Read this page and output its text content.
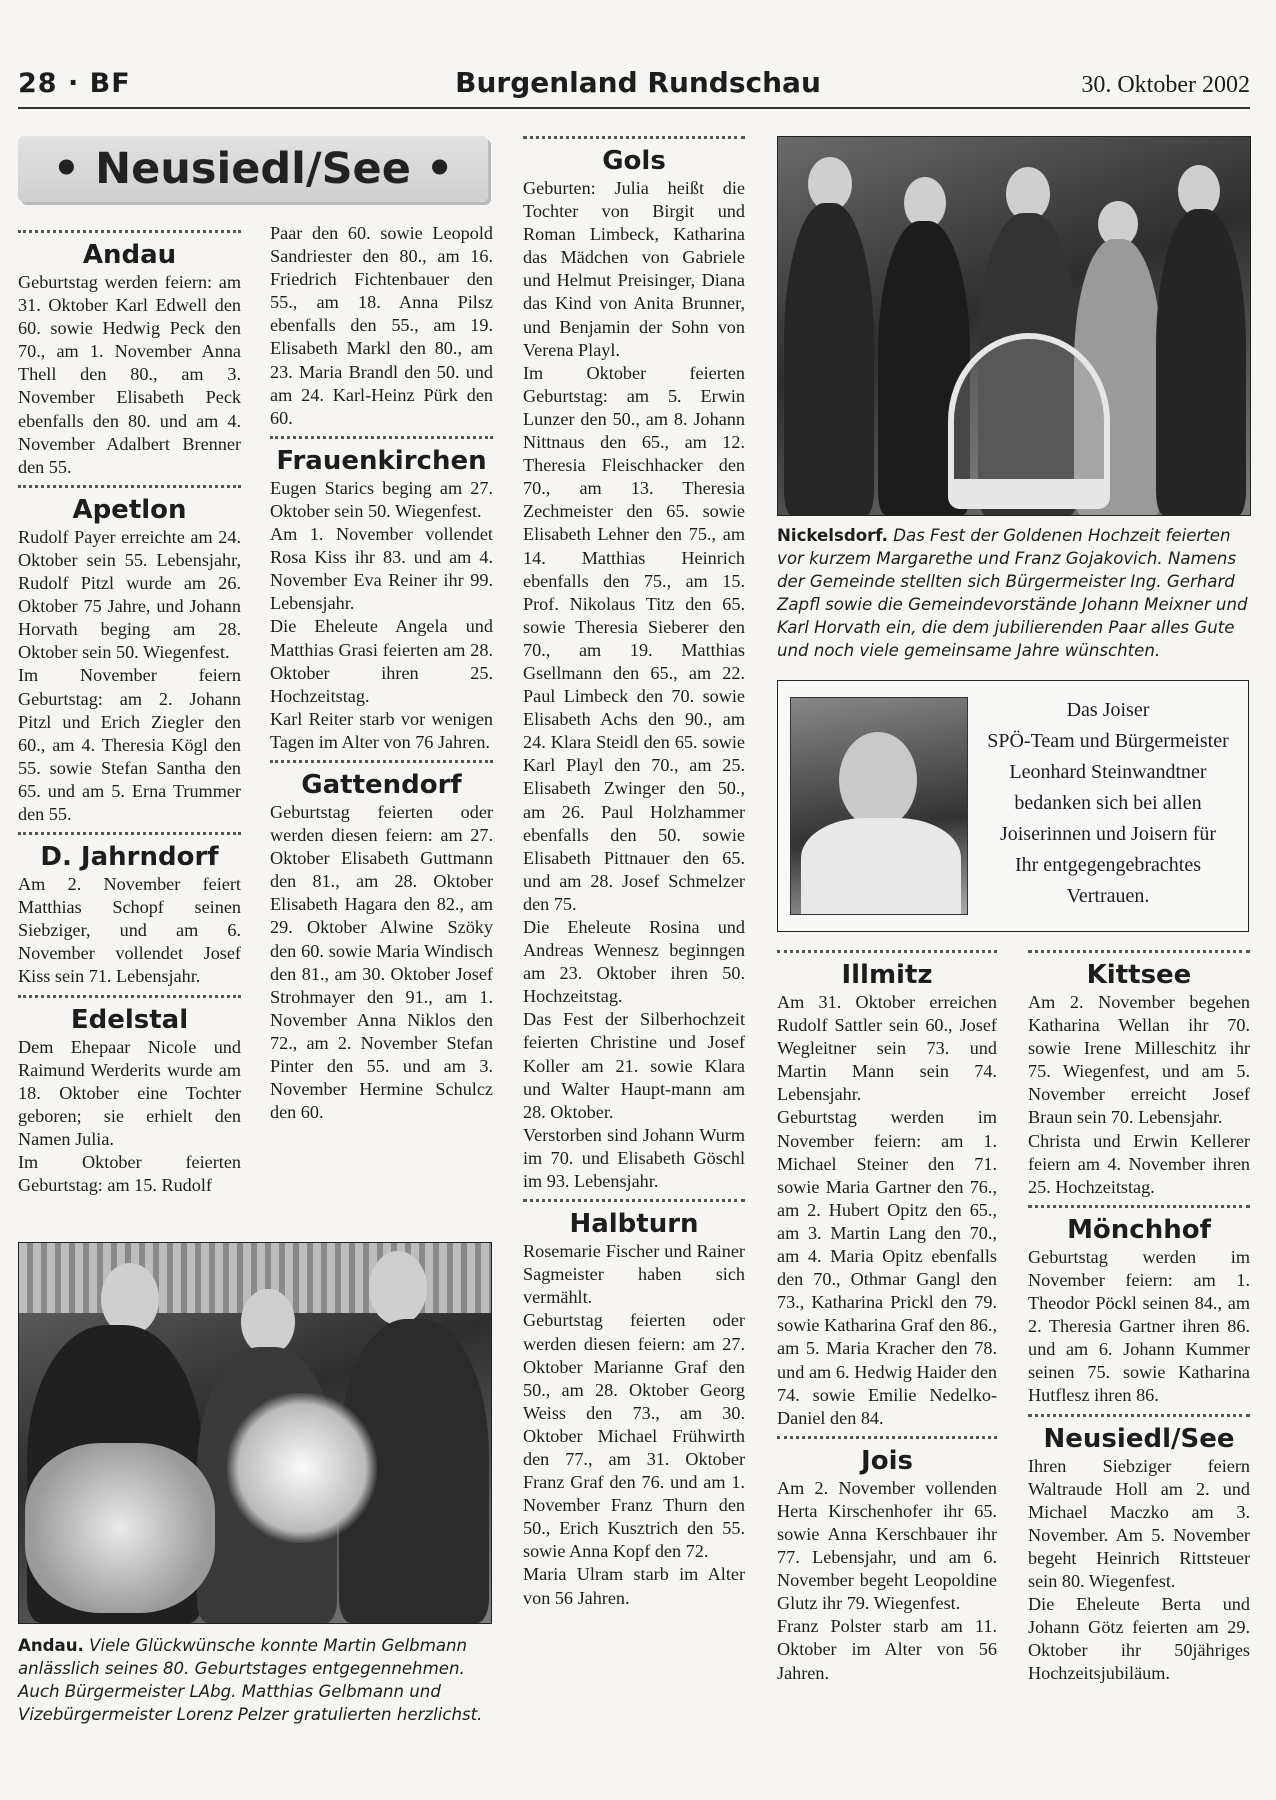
28 · BF	Burgenland Rundschau	30. Oktober 2002
• Neusiedl/See •
Andau

Geburtstag werden feiern: am 31. Oktober Karl Edwell den 60. sowie Hedwig Peck den 70., am 1. November Anna Thell den 80., am 3. November Elisabeth Peck ebenfalls den 80. und am 4. November Adalbert Brenner den 55.

Apetlon

Rudolf Payer erreichte am 24. Oktober sein 55. Lebensjahr, Rudolf Pitzl wurde am 26. Oktober 75 Jahre, und Johann Horvath beging am 28. Oktober sein 50. Wiegenfest.

Im November feiern Geburtstag: am 2. Johann Pitzl und Erich Ziegler den 60., am 4. Theresia Kögl den 55. sowie Stefan Santha den 65. und am 5. Erna Trummer den 55.

D. Jahrndorf

Am 2. November feiert Matthias Schopf seinen Siebziger, und am 6. November vollendet Josef Kiss sein 71. Lebensjahr.

Edelstal

Dem Ehepaar Nicole und Raimund Werderits wurde am 18. Oktober eine Tochter geboren; sie erhielt den Namen Julia.

Im Oktober feierten Geburtstag: am 15. Rudolf

Paar den 60. sowie Leopold Sandriester den 80., am 16. Friedrich Fichtenbauer den 55., am 18. Anna Pilsz ebenfalls den 55., am 19. Elisabeth Markl den 80., am 23. Maria Brandl den 50. und am 24. Karl-Heinz Pürk den 60.

Frauenkirchen

Eugen Starics beging am 27. Oktober sein 50. Wiegenfest.

Am 1. November vollendet Rosa Kiss ihr 83. und am 4. November Eva Reiner ihr 99. Lebensjahr.

Die Eheleute Angela und Matthias Grasi feierten am 28. Oktober ihren 25. Hochzeitstag.

Karl Reiter starb vor wenigen Tagen im Alter von 76 Jahren.

Gattendorf

Geburtstag feierten oder werden diesen feiern: am 27. Oktober Elisabeth Guttmann den 81., am 28. Oktober Elisabeth Hagara den 82., am 29. Oktober Alwine Szöky den 60. sowie Maria Windisch den 81., am 30. Oktober Josef Strohmayer den 91., am 1. November Anna Niklos den 72., am 2. November Stefan Pinter den 55. und am 3. November Hermine Schulcz den 60.

Gols

Geburten: Julia heißt die Tochter von Birgit und Roman Limbeck, Katharina das Mädchen von Gabriele und Helmut Preisinger, Diana das Kind von Anita Brunner, und Benjamin der Sohn von Verena Playl.

Im Oktober feierten Geburtstag: am 5. Erwin Lunzer den 50., am 8. Johann Nittnaus den 65., am 12. Theresia Fleischhacker den 70., am 13. Theresia Zechmeister den 65. sowie Elisabeth Lehner den 75., am 14. Matthias Heinrich ebenfalls den 75., am 15. Prof. Nikolaus Titz den 65. sowie Theresia Sieberer den 70., am 19. Matthias Gsellmann den 65., am 22. Paul Limbeck den 70. sowie Elisabeth Achs den 90., am 24. Klara Steidl den 65. sowie Karl Playl den 70., am 25. Elisabeth Zwinger den 50., am 26. Paul Holzhammer ebenfalls den 50. sowie Elisabeth Pittnauer den 65. und am 28. Josef Schmelzer den 75.

Die Eheleute Rosina und Andreas Wennesz beginngen am 23. Oktober ihren 50. Hochzeitstag.

Das Fest der Silberhochzeit feierten Christine und Josef Koller am 21. sowie Klara und Walter Haupt-mann am 28. Oktober.

Verstorben sind Johann Wurm im 70. und Elisabeth Göschl im 93. Lebensjahr.

Halbturn

Rosemarie Fischer und Rainer Sagmeister haben sich vermählt.

Geburtstag feierten oder werden diesen feiern: am 27. Oktober Marianne Graf den 50., am 28. Oktober Georg Weiss den 73., am 30. Oktober Michael Frühwirth den 77., am 31. Oktober Franz Graf den 76. und am 1. November Franz Thurn den 50., Erich Kusztrich den 55. sowie Anna Kopf den 72.

Maria Ulram starb im Alter von 56 Jahren.

Illmitz

Am 31. Oktober erreichen Rudolf Sattler sein 60., Josef Wegleitner sein 73. und Martin Mann sein 74. Lebensjahr.

Geburtstag werden im November feiern: am 1. Michael Steiner den 71. sowie Maria Gartner den 76., am 2. Hubert Opitz den 65., am 3. Martin Lang den 70., am 4. Maria Opitz ebenfalls den 70., Othmar Gangl den 73., Katharina Prickl den 79. sowie Katharina Graf den 86., am 5. Maria Kracher den 78. und am 6. Hedwig Haider den 74. sowie Emilie Nedelko-Daniel den 84.

Jois

Am 2. November vollenden Herta Kirschenhofer ihr 65. sowie Anna Kerschbauer ihr 77. Lebensjahr, und am 6. November begeht Leopoldine Glutz ihr 79. Wiegenfest.

Franz Polster starb am 11. Oktober im Alter von 56 Jahren.

Kittsee

Am 2. November begehen Katharina Wellan ihr 70. sowie Irene Milleschitz ihr 75. Wiegenfest, und am 5. November erreicht Josef Braun sein 70. Lebensjahr.

Christa und Erwin Kellerer feiern am 4. November ihren 25. Hochzeitstag.

Mönchhof

Geburtstag werden im November feiern: am 1. Theodor Pöckl seinen 84., am 2. Theresia Gartner ihren 86. und am 6. Johann Kummer seinen 75. sowie Katharina Hutflesz ihren 86.

Neusiedl/See

Ihren Siebziger feiern Waltraude Holl am 2. und Michael Maczko am 3. November. Am 5. November begeht Heinrich Rittsteuer sein 80. Wiegenfest.

Die Eheleute Berta und Johann Götz feierten am 29. Oktober ihr 50jähriges Hochzeitsjubiläum.

Nickelsdorf. Das Fest der Goldenen Hochzeit feierten vor kurzem Margarethe und Franz Gojakovich. Namens der Gemeinde stellten sich Bürgermeister Ing. Gerhard Zapfl sowie die Gemeindevorstände Johann Meixner und Karl Horvath ein, die dem jubilierenden Paar alles Gute und noch viele gemeinsame Jahre wünschten.
Das Joiser
SPÖ-Team und Bürgermeister
Leonhard Steinwandtner
bedanken sich bei allen
Joiserinnen und Joisern für
Ihr entgegengebrachtes
Vertrauen.
Andau. Viele Glückwünsche konnte Martin Gelbmann anlässlich seines 80. Geburtstages entgegennehmen. Auch Bürgermeister LAbg. Matthias Gelbmann und Vizebürgermeister Lorenz Pelzer gratulierten herzlichst.
